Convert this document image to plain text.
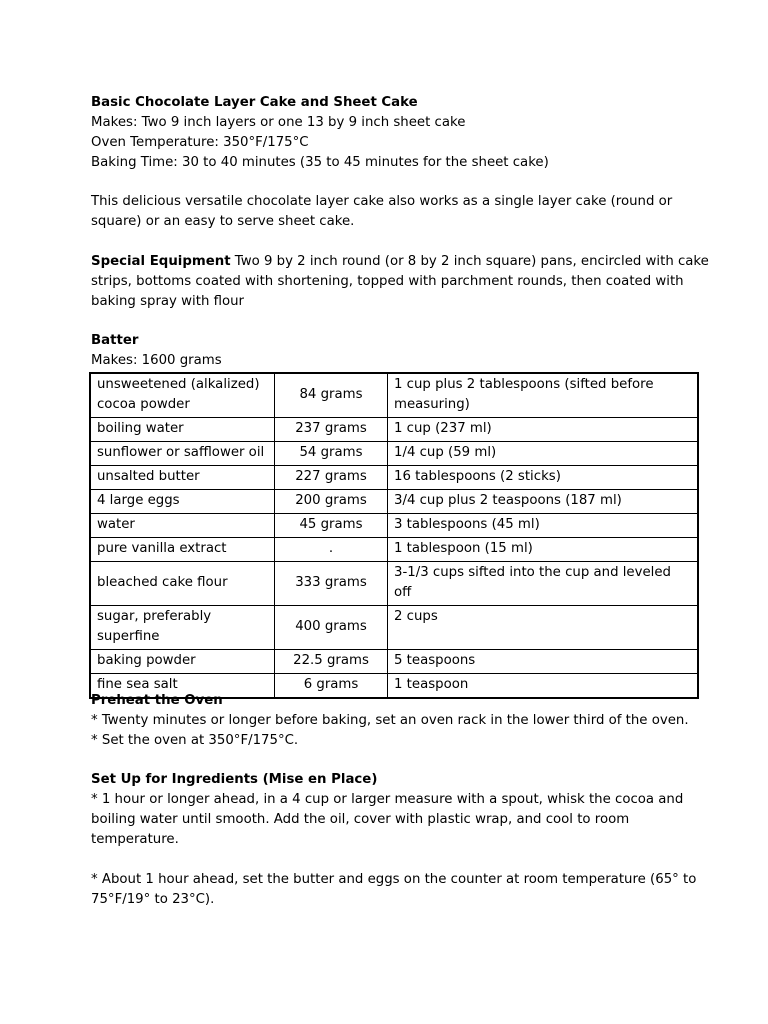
Basic Chocolate Layer Cake and Sheet Cake

Makes: Two 9 inch layers or one 13 by 9 inch sheet cake

Oven Temperature: 350°F/175°C

Baking Time: 30 to 40 minutes (35 to 45 minutes for the sheet cake)

This delicious versatile chocolate layer cake also works as a single layer cake (round or

square) or an easy to serve sheet cake.

Special Equipment Two 9 by 2 inch round (or 8 by 2 inch square) pans, encircled with cake

strips, bottoms coated with shortening, topped with parchment rounds, then coated with

baking spray with flour

Batter

Makes: 1600 grams

unsweetened (alkalized) cocoa powder	84 grams	1 cup plus 2 tablespoons (sifted before measuring)
boiling water	237 grams	1 cup (237 ml)
sunflower or safflower oil	54 grams	1/4 cup (59 ml)
unsalted butter	227 grams	16 tablespoons (2 sticks)
4 large eggs	200 grams	3/4 cup plus 2 teaspoons (187 ml)
water	45 grams	3 tablespoons (45 ml)
pure vanilla extract	.	1 tablespoon (15 ml)
bleached cake flour	333 grams	3-1/3 cups sifted into the cup and leveled off
sugar, preferably superfine	400 grams	2 cups
baking powder	22.5 grams	5 teaspoons
fine sea salt	6 grams	1 teaspoon

Preheat the Oven

* Twenty minutes or longer before baking, set an oven rack in the lower third of the oven.

* Set the oven at 350°F/175°C.

Set Up for Ingredients (Mise en Place)

* 1 hour or longer ahead, in a 4 cup or larger measure with a spout, whisk the cocoa and

boiling water until smooth. Add the oil, cover with plastic wrap, and cool to room

temperature.

* About 1 hour ahead, set the butter and eggs on the counter at room temperature (65° to

75°F/19° to 23°C).
